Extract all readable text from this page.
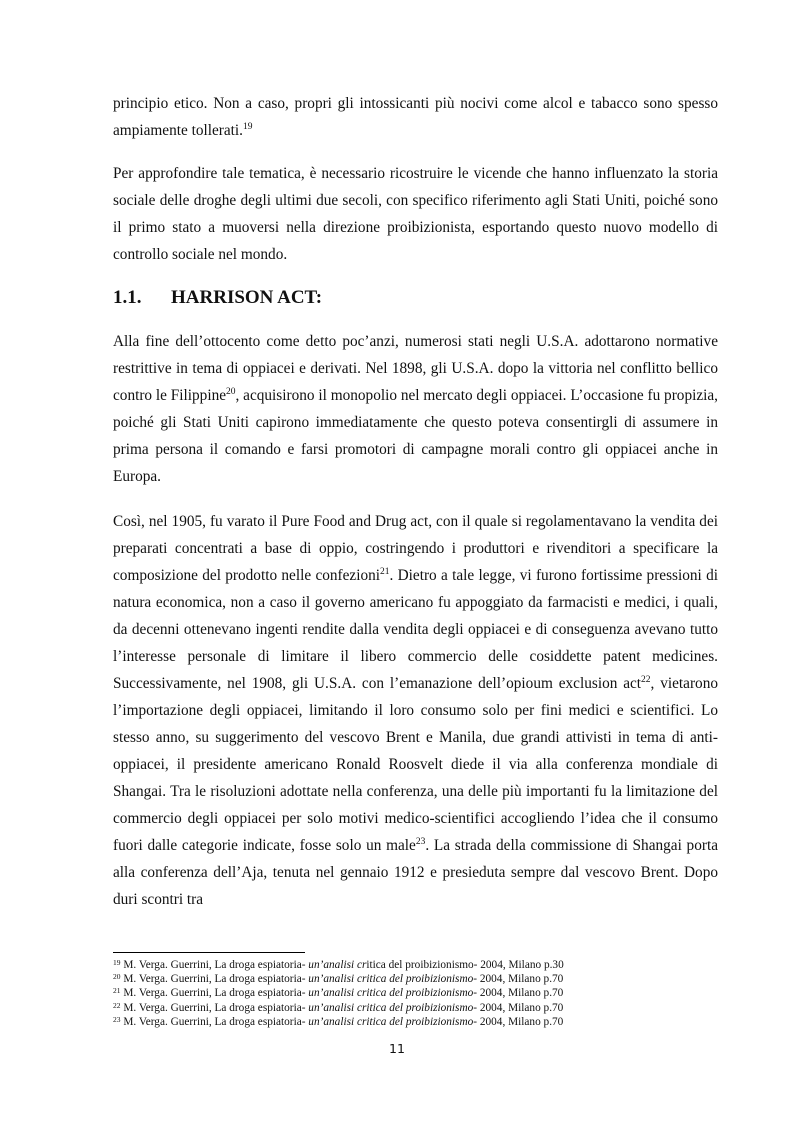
principio etico. Non a caso, propri gli intossicanti più nocivi come alcol e tabacco sono spesso ampiamente tollerati.$^{19}$

Per approfondire tale tematica, è necessario ricostruire le vicende che hanno influenzato la storia sociale delle droghe degli ultimi due secoli, con specifico riferimento agli Stati Uniti, poiché sono il primo stato a muoversi nella direzione proibizionista, esportando questo nuovo modello di controllo sociale nel mondo.

1.1. HARRISON ACT:

Alla fine dell’ottocento come detto poc’anzi, numerosi stati negli U.S.A. adottarono normative restrittive in tema di oppiacei e derivati. Nel 1898, gli U.S.A. dopo la vittoria nel conflitto bellico contro le Filippine$^{20}$, acquisirono il monopolio nel mercato degli oppiacei. L’occasione fu propizia, poiché gli Stati Uniti capirono immediatamente che questo poteva consentirgli di assumere in prima persona il comando e farsi promotori di campagne morali contro gli oppiacei anche in Europa.

Così, nel 1905, fu varato il Pure Food and Drug act, con il quale si regolamentavano la vendita dei preparati concentrati a base di oppio, costringendo i produttori e rivenditori a specificare la composizione del prodotto nelle confezioni$^{21}$. Dietro a tale legge, vi furono fortissime pressioni di natura economica, non a caso il governo americano fu appoggiato da farmacisti e medici, i quali, da decenni ottenevano ingenti rendite dalla vendita degli oppiacei e di conseguenza avevano tutto l’interesse personale di limitare il libero commercio delle cosiddette patent medicines. Successivamente, nel 1908, gli U.S.A. con l’emanazione dell’opioum exclusion act$^{22}$, vietarono l’importazione degli oppiacei, limitando il loro consumo solo per fini medici e scientifici. Lo stesso anno, su suggerimento del vescovo Brent e Manila, due grandi attivisti in tema di anti-oppiacei, il presidente americano Ronald Roosvelt diede il via alla conferenza mondiale di Shangai. Tra le risoluzioni adottate nella conferenza, una delle più importanti fu la limitazione del commercio degli oppiacei per solo motivi medico-scientifici accogliendo l’idea che il consumo fuori dalle categorie indicate, fosse solo un male$^{23}$. La strada della commissione di Shangai porta alla conferenza dell’Aja, tenuta nel gennaio 1912 e presieduta sempre dal vescovo Brent. Dopo duri scontri tra

$^{19}$ M. Verga. Guerrini, La droga espiatoria- un’analisi critica del proibizionismo- 2004, Milano p.30

$^{20}$ M. Verga. Guerrini, La droga espiatoria- un’analisi critica del proibizionismo- 2004, Milano p.70

$^{21}$ M. Verga. Guerrini, La droga espiatoria- un’analisi critica del proibizionismo- 2004, Milano p.70

$^{22}$ M. Verga. Guerrini, La droga espiatoria- un’analisi critica del proibizionismo- 2004, Milano p.70

$^{23}$ M. Verga. Guerrini, La droga espiatoria- un’analisi critica del proibizionismo- 2004, Milano p.70

11
